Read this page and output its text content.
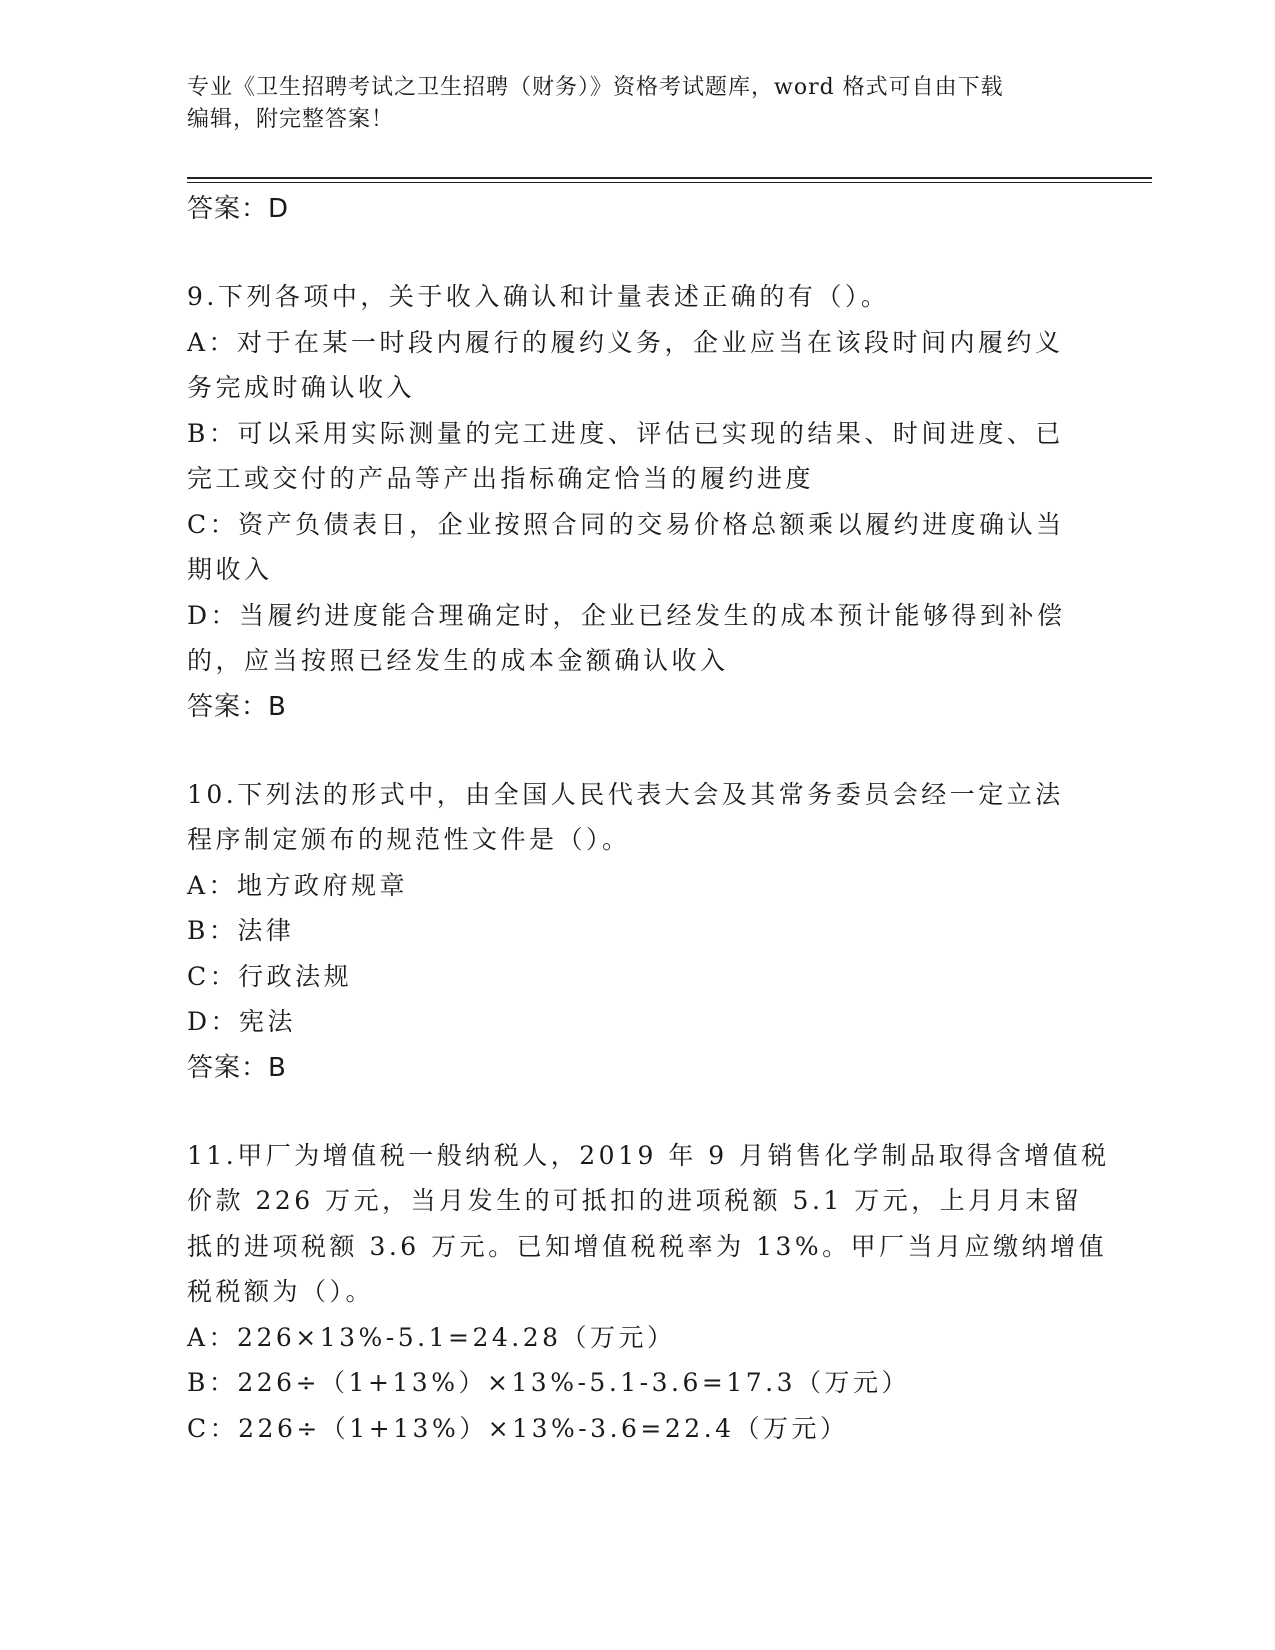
专业《卫生招聘考试之卫生招聘（财务）》资格考试题库，word 格式可自由下载
编辑，附完整答案！
答案：D
9.下列各项中，关于收入确认和计量表述正确的有（）。
A：对于在某一时段内履行的履约义务，企业应当在该段时间内履约义
务完成时确认收入
B：可以采用实际测量的完工进度、评估已实现的结果、时间进度、已
完工或交付的产品等产出指标确定恰当的履约进度
C：资产负债表日，企业按照合同的交易价格总额乘以履约进度确认当
期收入
D：当履约进度能合理确定时，企业已经发生的成本预计能够得到补偿
的，应当按照已经发生的成本金额确认收入
答案：B
10.下列法的形式中，由全国人民代表大会及其常务委员会经一定立法
程序制定颁布的规范性文件是（）。
A：地方政府规章
B：法律
C：行政法规
D：宪法
答案：B
11.甲厂为增值税一般纳税人，2019 年 9 月销售化学制品取得含增值税
价款 226 万元，当月发生的可抵扣的进项税额 5.1 万元，上月月末留
抵的进项税额 3.6 万元。已知增值税税率为 13%。甲厂当月应缴纳增值
税税额为（）。
A：226×13%-5.1=24.28（万元）
B：226÷（1+13%）×13%-5.1-3.6=17.3（万元）
C：226÷（1+13%）×13%-3.6=22.4（万元）
